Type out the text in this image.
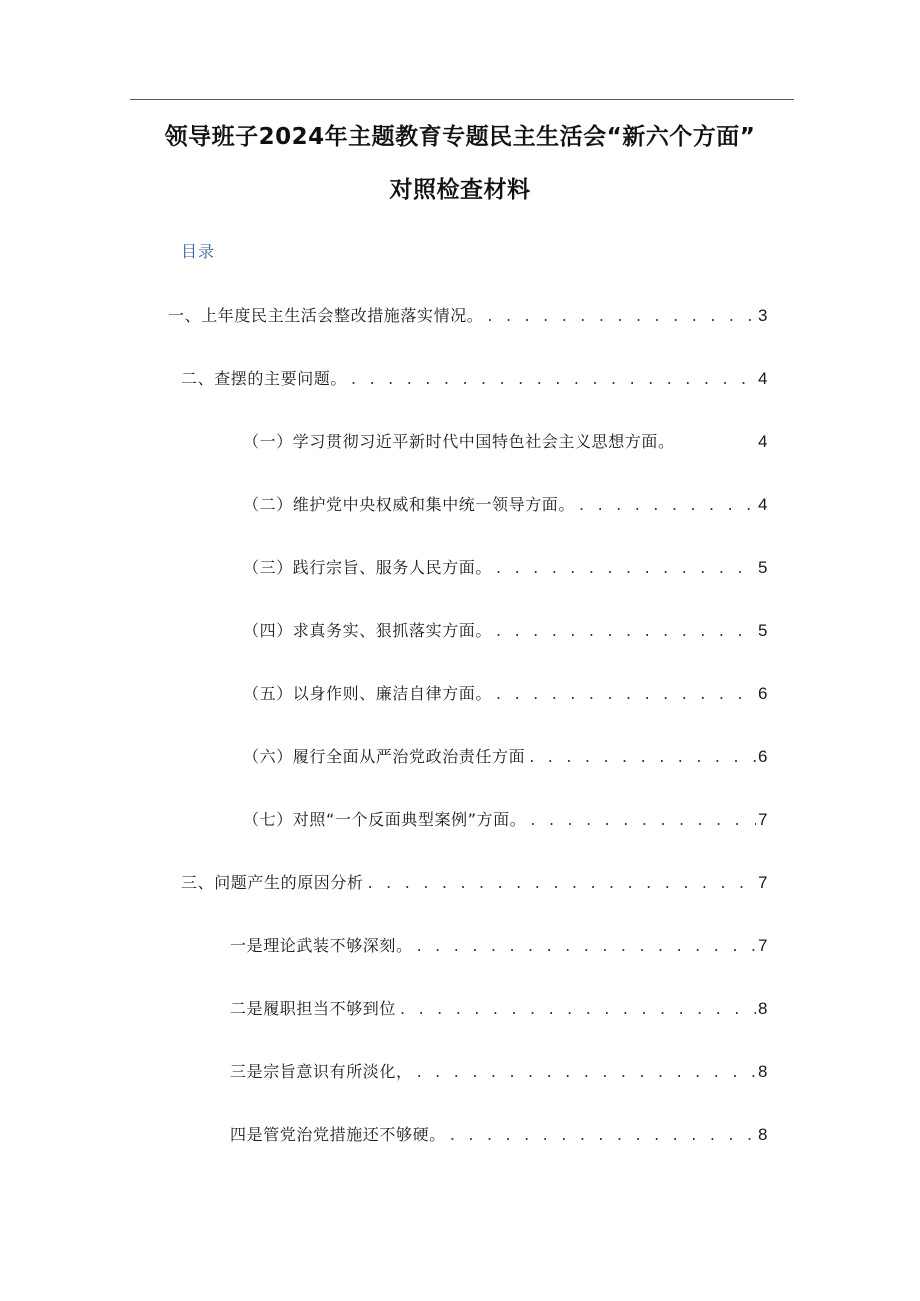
领导班子2024年主题教育专题民主生活会“新六个方面”
对照检查材料
目录
一、上年度民主生活会整改措施落实情况。 . . .	3
二、查摆的主要问题。 . . .	4
（一）学习贯彻习近平新时代中国特色社会主义思想方面。	4
（二）维护党中央权威和集中统一领导方面。 . . .	4
（三）践行宗旨、服务人民方面。 . . .	5
（四）求真务实、狠抓落实方面。 . . .	5
（五）以身作则、廉洁自律方面。 . . .	6
（六）履行全面从严治党政治责任方面 . . .	6
（七）对照“一个反面典型案例”方面。 . . .	7
三、问题产生的原因分析 . . .	7
一是理论武装不够深刻。 . . .	7
二是履职担当不够到位 . . .	8
三是宗旨意识有所淡化， . . .	8
四是管党治党措施还不够硬。 . . .	8
